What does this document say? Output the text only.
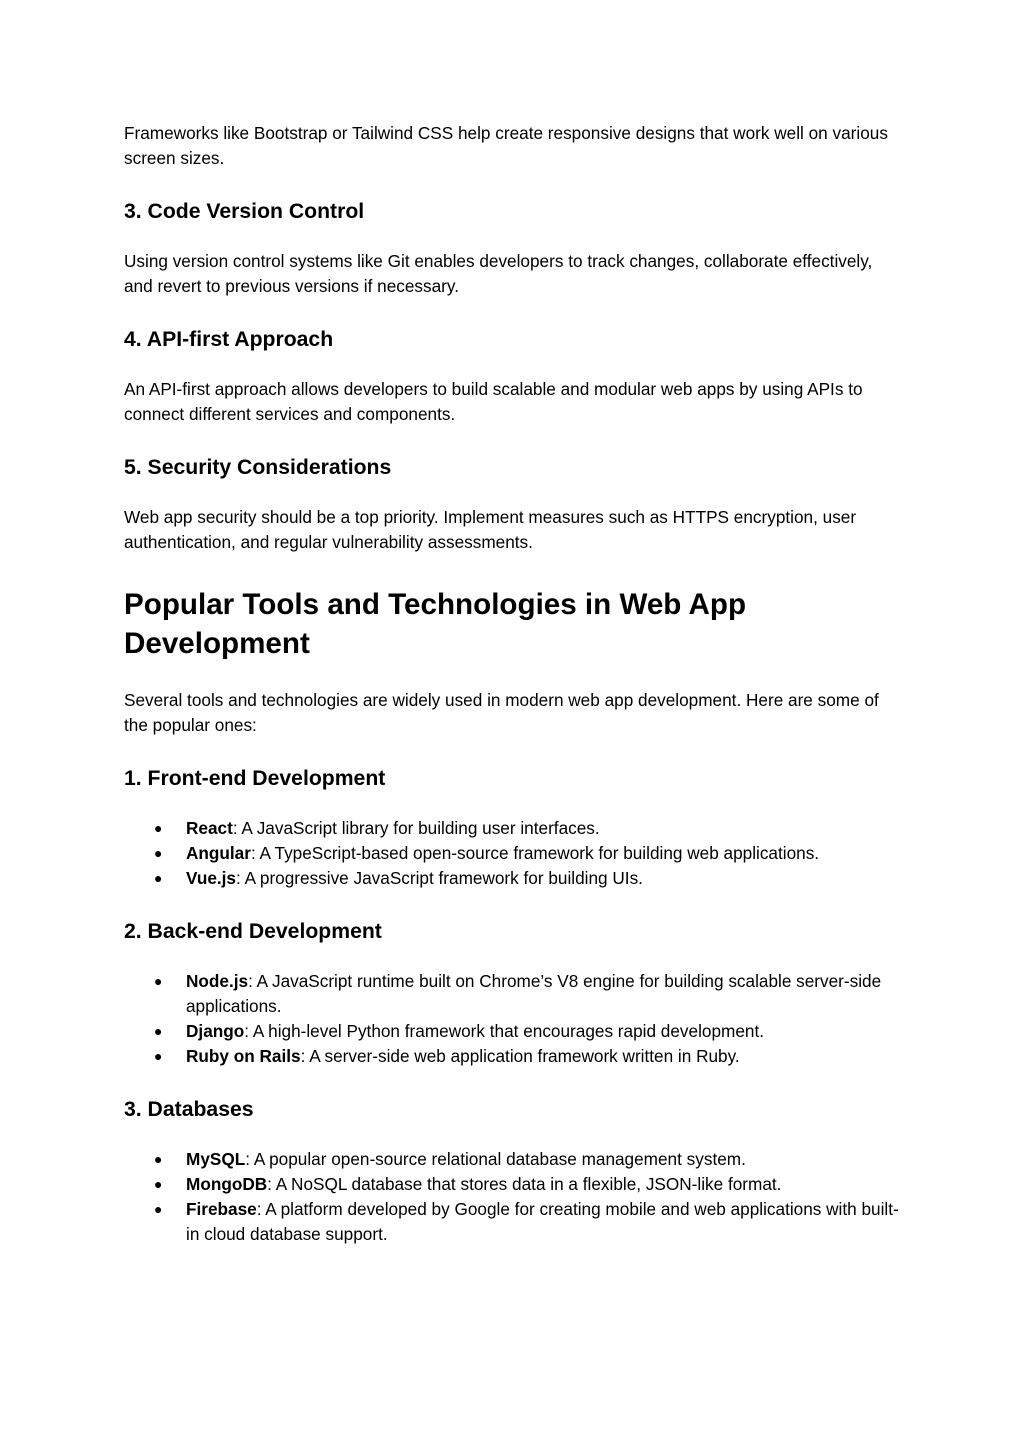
Frameworks like Bootstrap or Tailwind CSS help create responsive designs that work well on various screen sizes.

3. Code Version Control

Using version control systems like Git enables developers to track changes, collaborate effectively, and revert to previous versions if necessary.

4. API-first Approach

An API-first approach allows developers to build scalable and modular web apps by using APIs to connect different services and components.

5. Security Considerations

Web app security should be a top priority. Implement measures such as HTTPS encryption, user authentication, and regular vulnerability assessments.

Popular Tools and Technologies in Web App Development

Several tools and technologies are widely used in modern web app development. Here are some of the popular ones:

1. Front-end Development
● React: A JavaScript library for building user interfaces.
● Angular: A TypeScript-based open-source framework for building web applications.
● Vue.js: A progressive JavaScript framework for building UIs.
2. Back-end Development
● Node.js: A JavaScript runtime built on Chrome’s V8 engine for building scalable server-side applications.
● Django: A high-level Python framework that encourages rapid development.
● Ruby on Rails: A server-side web application framework written in Ruby.
3. Databases
● MySQL: A popular open-source relational database management system.
● MongoDB: A NoSQL database that stores data in a flexible, JSON-like format.
● Firebase: A platform developed by Google for creating mobile and web applications with built-in cloud database support.
